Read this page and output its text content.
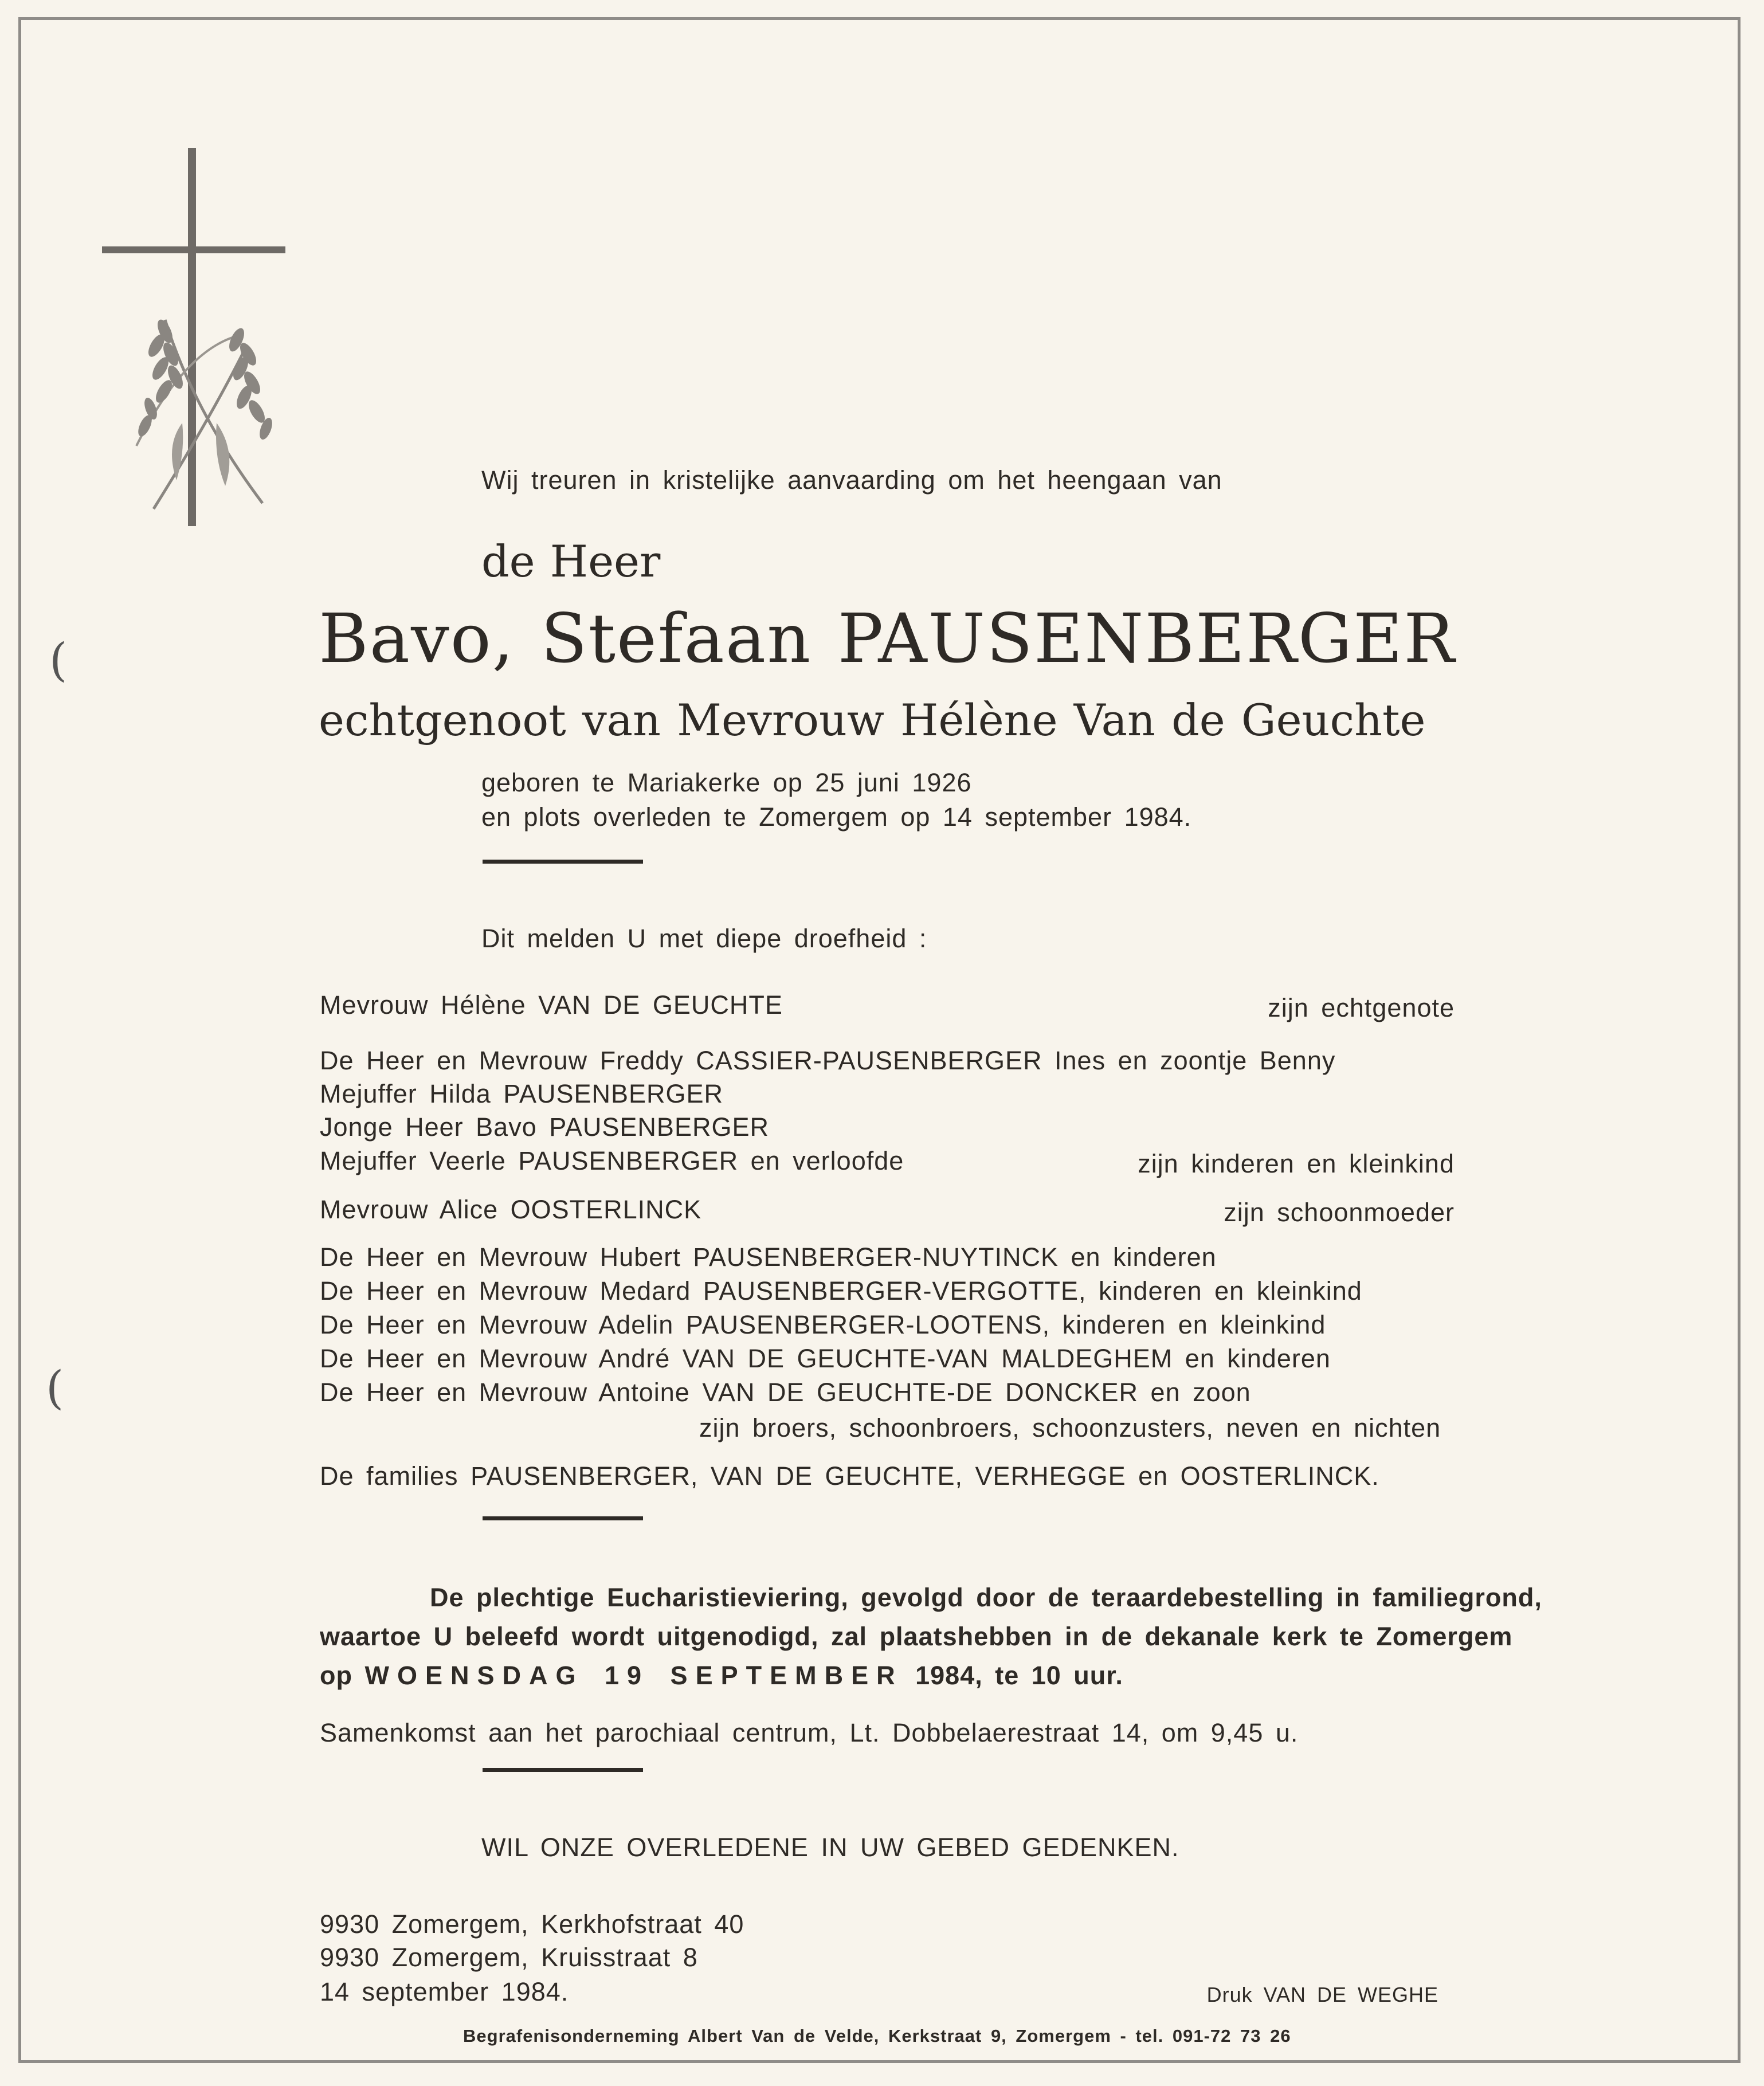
(
(
Wij treuren in kristelijke aanvaarding om het heengaan van
de Heer
Bavo, Stefaan PAUSENBERGER
echtgenoot van Mevrouw Hélène Van de Geuchte
geboren te Mariakerke op 25 juni 1926
en plots overleden te Zomergem op 14 september 1984.
Dit melden U met diepe droefheid :
Mevrouw Hélène VAN DE GEUCHTE	zijn echtgenote
De Heer en Mevrouw Freddy CASSIER-PAUSENBERGER Ines en zoontje Benny
Mejuffer Hilda PAUSENBERGER
Jonge Heer Bavo PAUSENBERGER
Mejuffer Veerle PAUSENBERGER en verloofde	zijn kinderen en kleinkind
Mevrouw Alice OOSTERLINCK	zijn schoonmoeder
De Heer en Mevrouw Hubert PAUSENBERGER-NUYTINCK en kinderen
De Heer en Mevrouw Medard PAUSENBERGER-VERGOTTE, kinderen en kleinkind
De Heer en Mevrouw Adelin PAUSENBERGER-LOOTENS, kinderen en kleinkind
De Heer en Mevrouw André VAN DE GEUCHTE-VAN MALDEGHEM en kinderen
De Heer en Mevrouw Antoine VAN DE GEUCHTE-DE DONCKER en zoon
zijn broers, schoonbroers, schoonzusters, neven en nichten
De families PAUSENBERGER, VAN DE GEUCHTE, VERHEGGE en OOSTERLINCK.
De plechtige Eucharistieviering, gevolgd door de teraardebestelling in familiegrond,
waartoe U beleefd wordt uitgenodigd, zal plaatshebben in de dekanale kerk te Zomergem
op WOENSDAG 19 SEPTEMBER 1984, te 10 uur.
Samenkomst aan het parochiaal centrum, Lt. Dobbelaerestraat 14, om 9,45 u.
WIL ONZE OVERLEDENE IN UW GEBED GEDENKEN.
9930 Zomergem, Kerkhofstraat 40
9930 Zomergem, Kruisstraat 8
14 september 1984.	Druk VAN DE WEGHE
Begrafenisonderneming Albert Van de Velde, Kerkstraat 9, Zomergem - tel. 091-72 73 26
